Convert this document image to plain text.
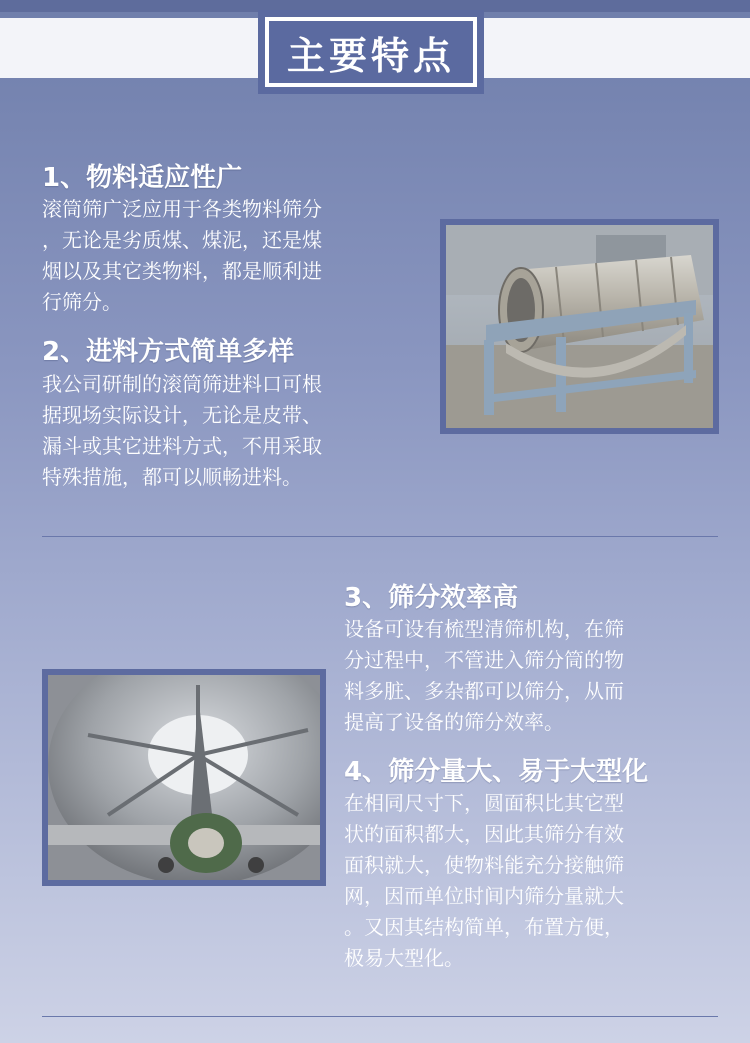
主要特点
1、物料适应性广
滚筒筛广泛应用于各类物料筛分
，无论是劣质煤、煤泥，还是煤
烟以及其它类物料，都是顺利进
行筛分。
2、进料方式简单多样
我公司研制的滚筒筛进料口可根
据现场实际设计，无论是皮带、
漏斗或其它进料方式，不用采取
特殊措施，都可以顺畅进料。
3、筛分效率高
设备可设有梳型清筛机构，在筛
分过程中，不管进入筛分筒的物
料多脏、多杂都可以筛分，从而
提高了设备的筛分效率。
4、筛分量大、易于大型化
在相同尺寸下，圆面积比其它型
状的面积都大，因此其筛分有效
面积就大，使物料能充分接触筛
网，因而单位时间内筛分量就大
。又因其结构简单，布置方便，
极易大型化。
